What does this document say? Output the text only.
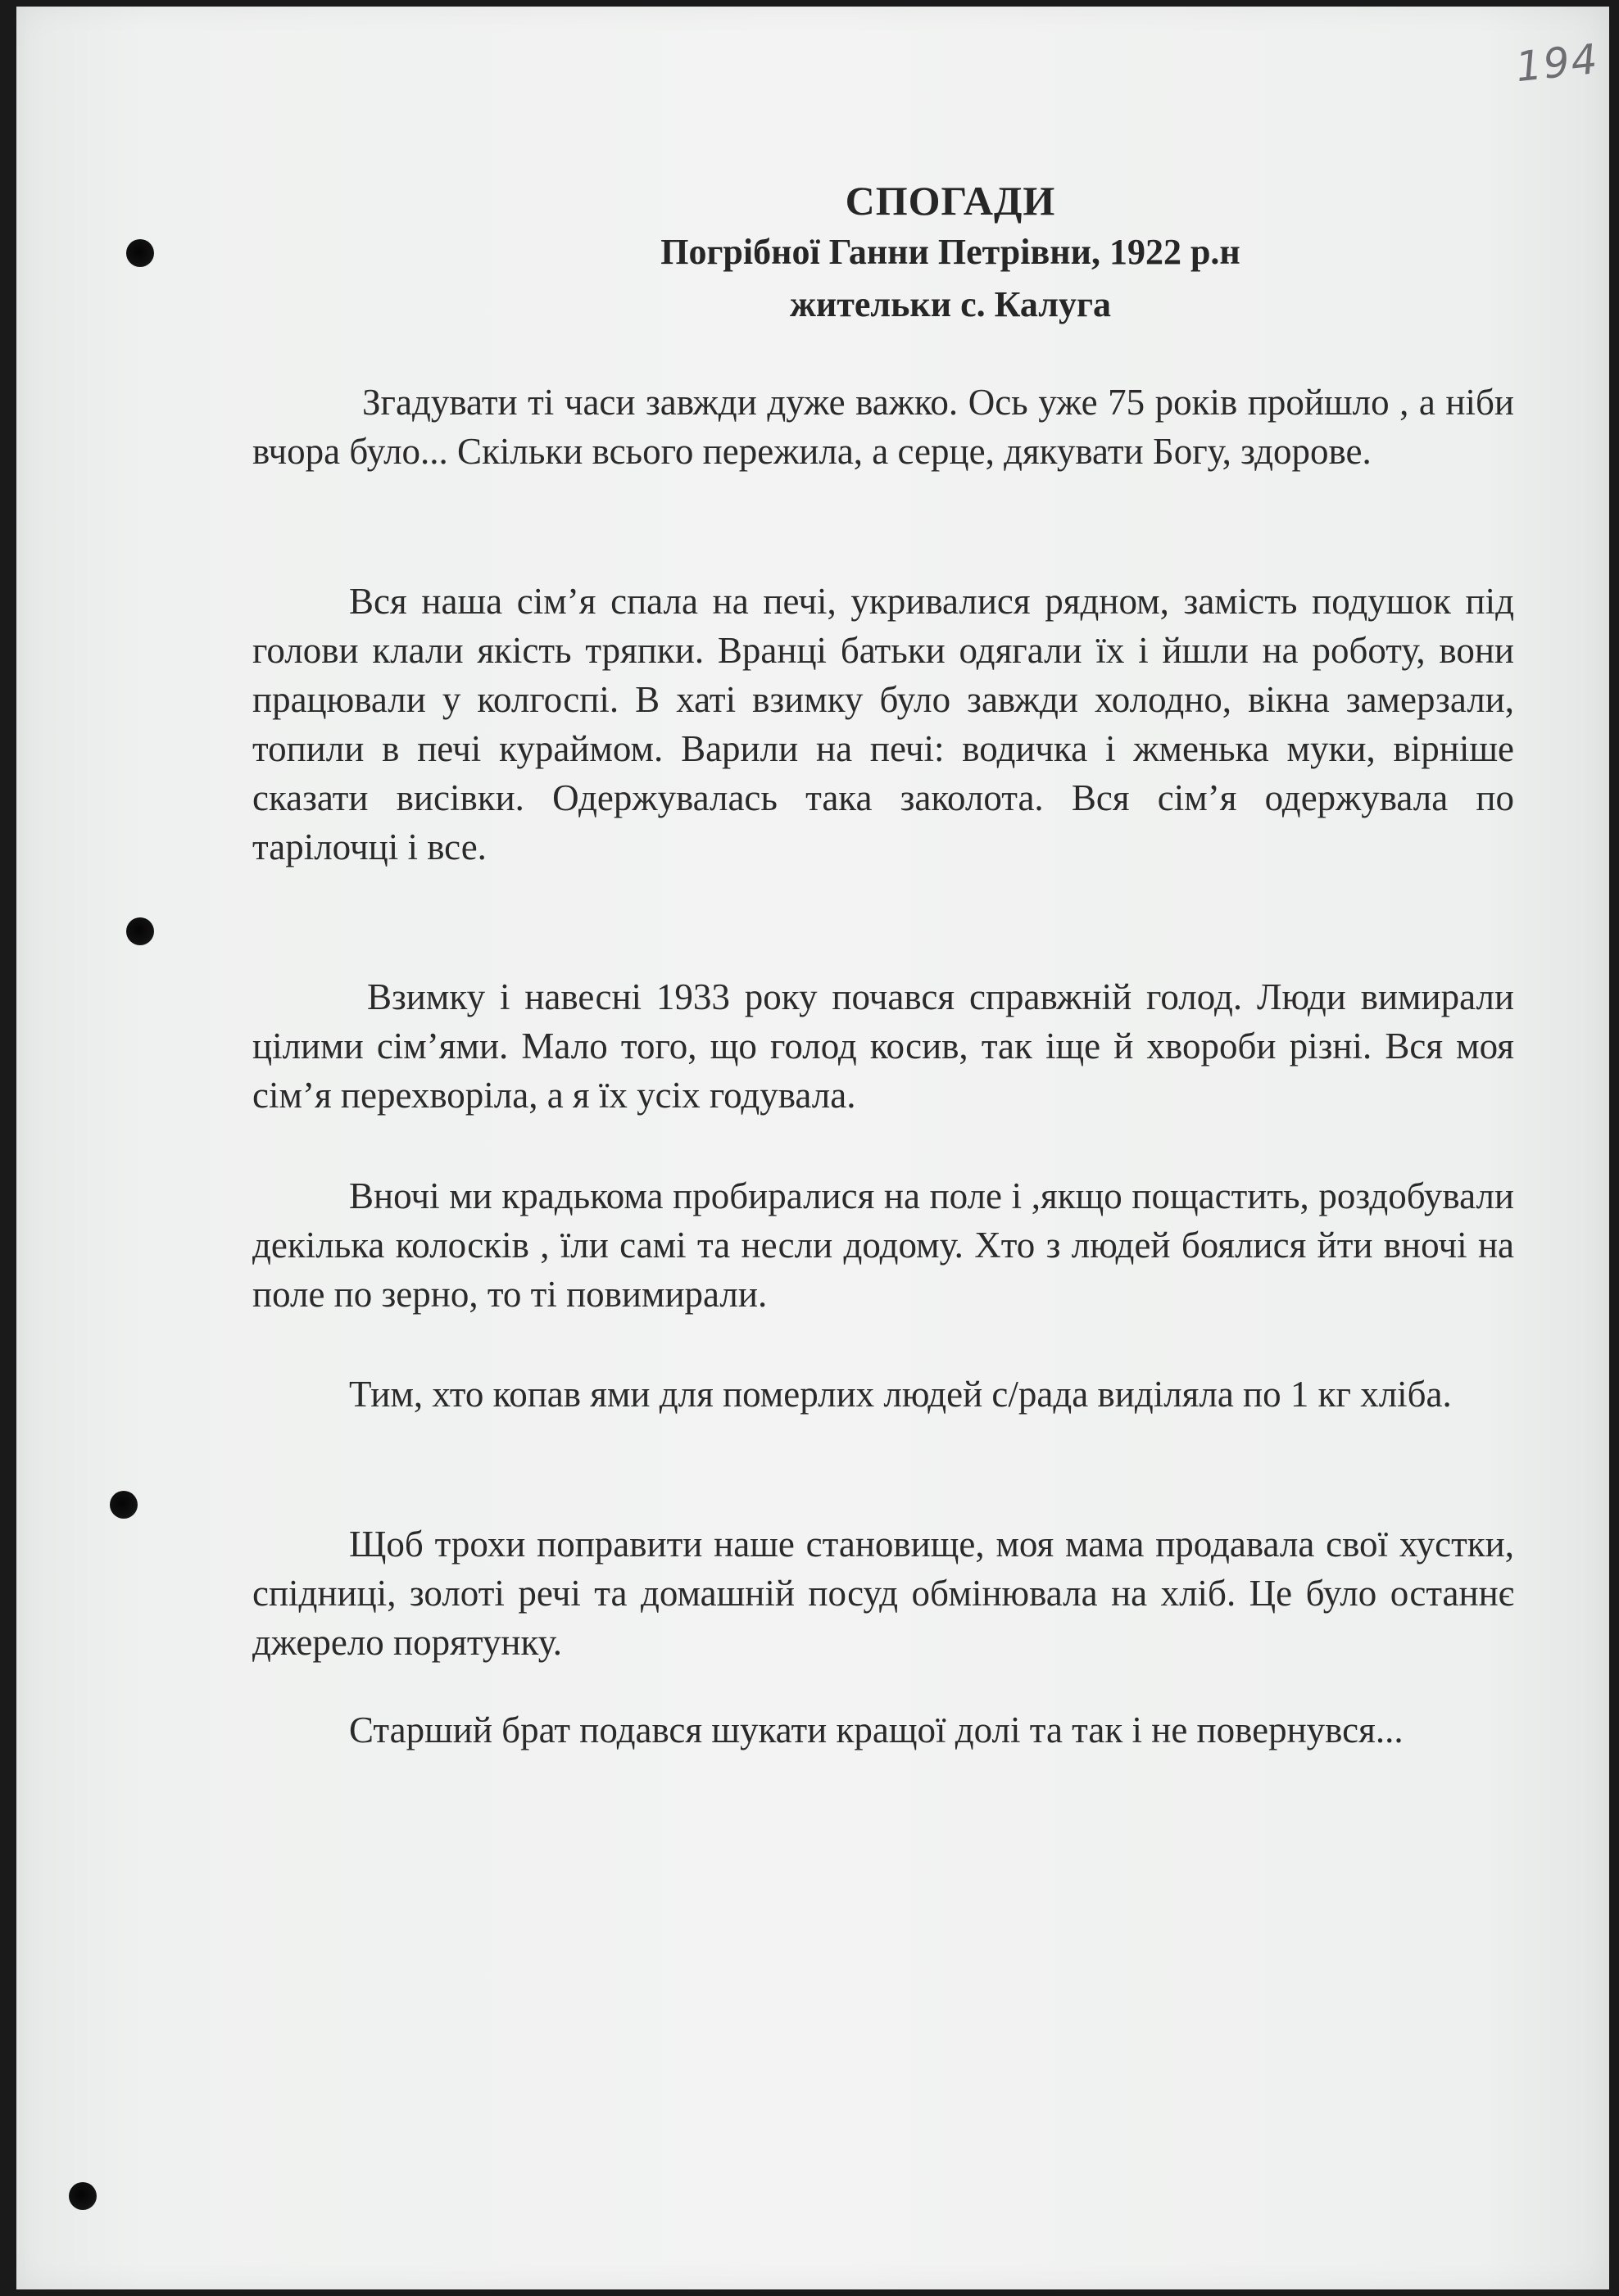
194
СПОГАДИ
Погрібної Ганни Петрівни, 1922 р.н
жительки с. Калуга

Згадувати ті часи завжди дуже важко. Ось уже 75 років пройшло , а ніби вчора було... Скільки всього пережила, а серце, дякувати Богу, здорове.

Вся наша сім’я спала на печі, укривалися рядном, замість подушок під голови клали якість тряпки. Вранці батьки одягали їх і йшли на роботу, вони працювали у колгоспі. В хаті взимку було завжди холодно, вікна замерзали, топили в печі кураймом. Варили на печі: водичка і жменька муки, вірніше сказати висівки. Одержувалась така заколота. Вся сім’я одержувала по тарілочці і все.

Взимку і навесні 1933 року почався справжній голод. Люди вимирали цілими сім’ями. Мало того, що голод косив, так іще й хвороби різні. Вся моя сім’я перехворіла, а я їх усіх годувала.

Вночі ми крадькома пробиралися на поле і ,якщо пощастить, роздобували декілька колосків , їли самі та несли додому. Хто з людей боялися йти вночі на поле по зерно, то ті повимирали.

Тим, хто копав ями для померлих людей с/рада виділяла по 1 кг хліба.

Щоб трохи поправити наше становище, моя мама продавала свої хустки, спідниці, золоті речі та домашній посуд обмінювала на хліб. Це було останнє джерело порятунку.

Старший брат подався шукати кращої долі та так і не повернувся...
